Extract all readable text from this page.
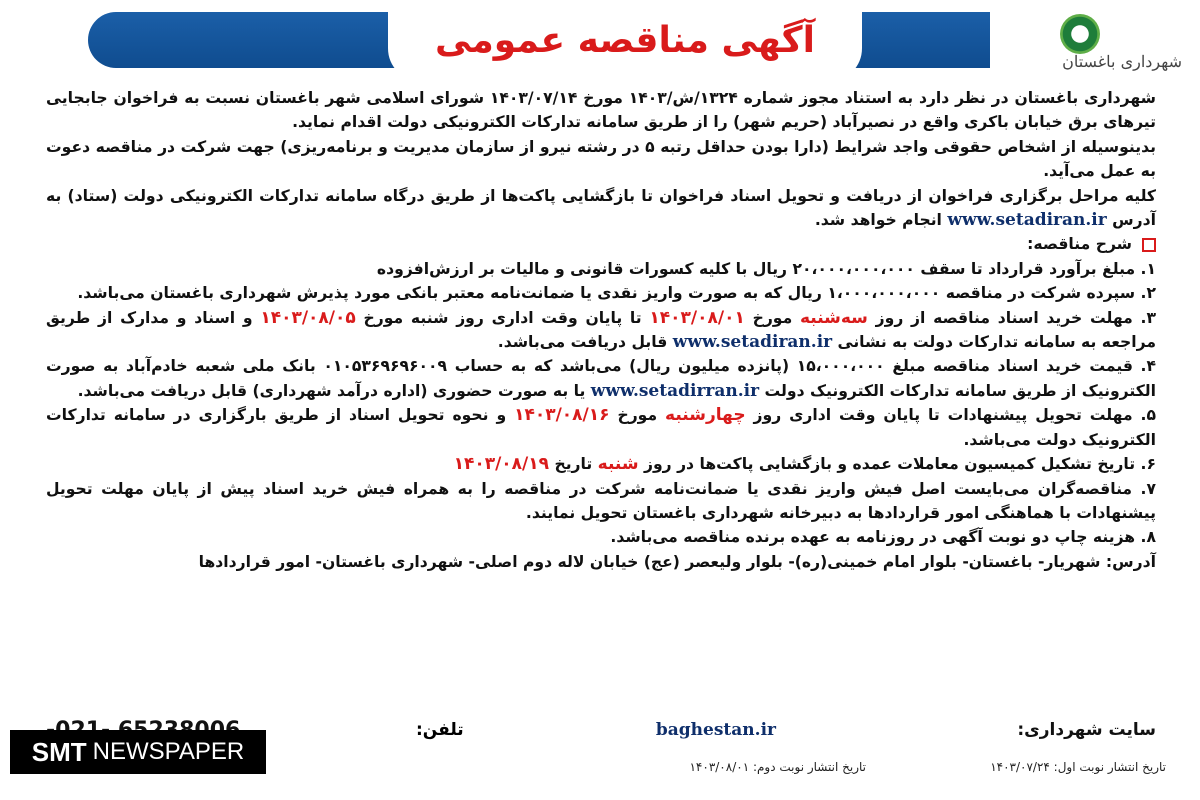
آگهی مناقصه عمومی
شهرداری باغستان

شهرداری باغستان در نظر دارد به استناد مجوز شماره ۱۳۲۴/ش/۱۴۰۳ مورخ ۱۴۰۳/۰۷/۱۴ شورای اسلامی شهر باغستان نسبت به فراخوان جابجایی تیرهای برق خیابان باکری واقع در نصیرآباد (حریم شهر) را از طریق سامانه تدارکات الکترونیکی دولت اقدام نماید.

بدینوسیله از اشخاص حقوقی واجد شرایط (دارا بودن حداقل رتبه ۵ در رشته نیرو از سازمان مدیریت و برنامه‌ریزی) جهت شرکت در مناقصه دعوت به عمل می‌آید.

کلیه مراحل برگزاری فراخوان از دریافت و تحویل اسناد فراخوان تا بازگشایی پاکت‌ها از طریق درگاه سامانه تدارکات الکترونیکی دولت (ستاد) به آدرس www.setadiran.ir انجام خواهد شد.

شرح مناقصه:

۱. مبلغ برآورد قرارداد تا سقف ۲۰،۰۰۰،۰۰۰،۰۰۰ ریال با کلیه کسورات قانونی و مالیات بر ارزش‌افزوده

۲. سپرده شرکت در مناقصه ۱،۰۰۰،۰۰۰،۰۰۰ ریال که به صورت واریز نقدی یا ضمانت‌نامه معتبر بانکی مورد پذیرش شهرداری باغستان می‌باشد.

۳. مهلت خرید اسناد مناقصه از روز سه‌شنبه مورخ ۱۴۰۳/۰۸/۰۱ تا پایان وقت اداری روز شنبه مورخ ۱۴۰۳/۰۸/۰۵ و اسناد و مدارک از طریق مراجعه به سامانه تدارکات دولت به نشانی www.setadiran.ir قابل دریافت می‌باشد.

۴. قیمت خرید اسناد مناقصه مبلغ ۱۵،۰۰۰،۰۰۰ (پانزده میلیون ریال) می‌باشد که به حساب ۰۱۰۵۳۶۹۶۹۶۰۰۹ بانک ملی شعبه خادم‌آباد به صورت الکترونیک از طریق سامانه تدارکات الکترونیک دولت www.setadirran.ir یا به صورت حضوری (اداره درآمد شهرداری) قابل دریافت می‌باشد.

۵. مهلت تحویل پیشنهادات تا پایان وقت اداری روز چهارشنبه مورخ ۱۴۰۳/۰۸/۱۶ و نحوه تحویل اسناد از طریق بارگزاری در سامانه تدارکات الکترونیک دولت می‌باشد.

۶. تاریخ تشکیل کمیسیون معاملات عمده و بازگشایی پاکت‌ها در روز شنبه تاریخ ۱۴۰۳/۰۸/۱۹

۷. مناقصه‌گران می‌بایست اصل فیش واریز نقدی یا ضمانت‌نامه شرکت در مناقصه را به همراه فیش خرید اسناد پیش از پایان مهلت تحویل پیشنهادات با هماهنگی امور قراردادها به دبیرخانه شهرداری باغستان تحویل نمایند.

۸. هزینه چاپ دو نوبت آگهی در روزنامه به عهده برنده مناقصه می‌باشد.

آدرس: شهریار- باغستان- بلوار امام خمینی(ره)- بلوار ولیعصر (عج) خیابان لاله دوم اصلی- شهرداری باغستان- امور قراردادها

سایت شهرداری:
baghestan.ir
تلفن:
تاریخ انتشار نوبت اول: ۱۴۰۳/۰۷/۲۴
تاریخ انتشار نوبت دوم: ۱۴۰۳/۰۸/۰۱
SMT NEWSPAPER
